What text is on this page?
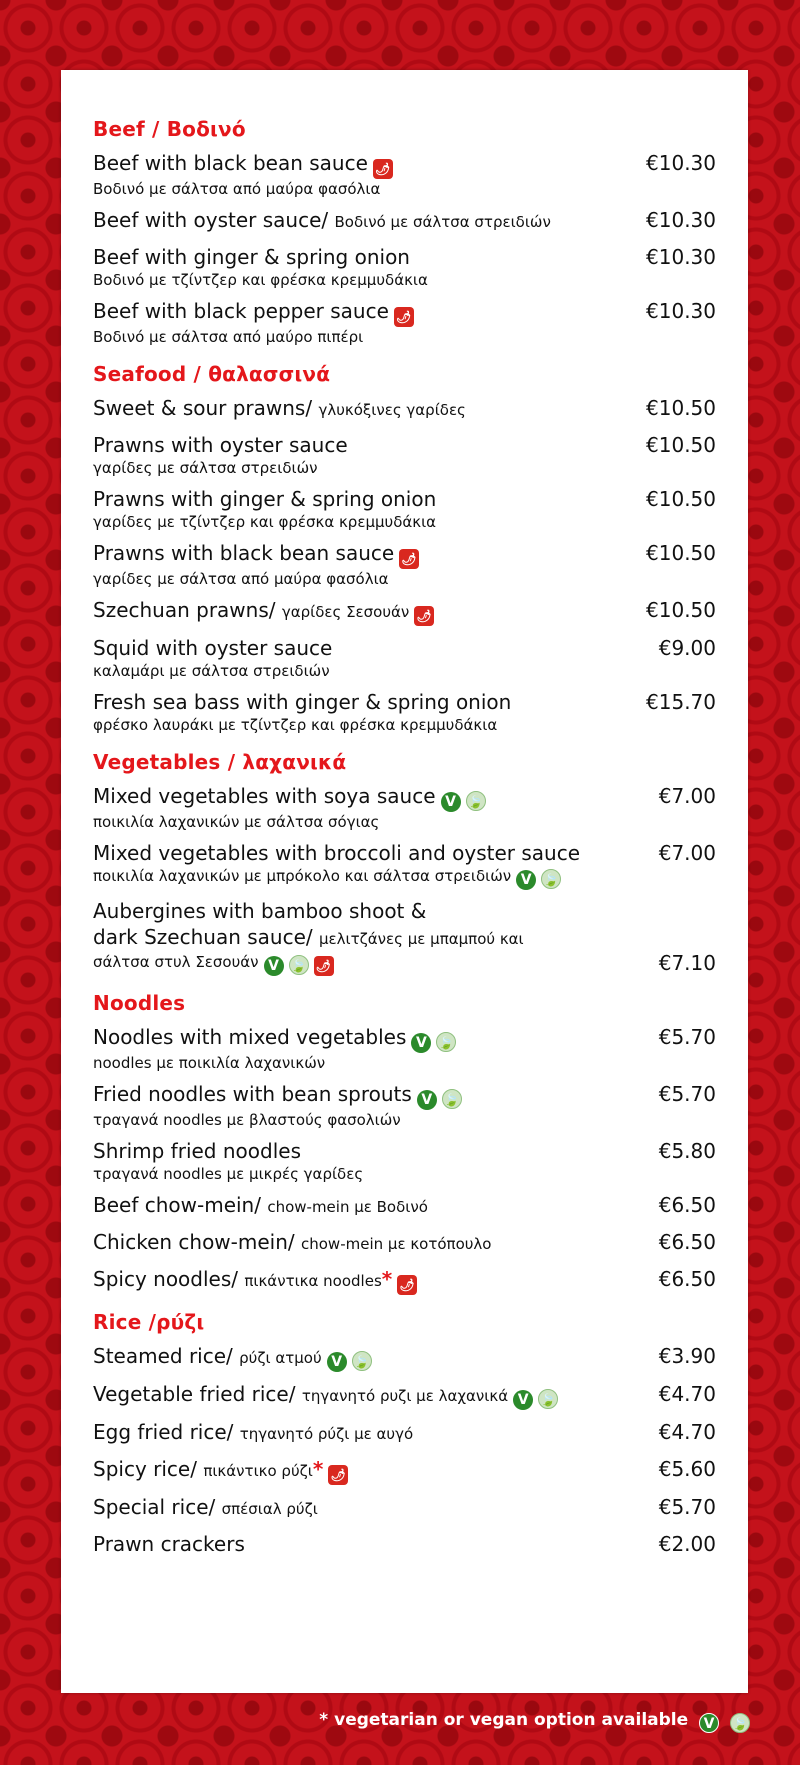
Beef / Βοδινό
Beef with black bean sauce 🌶
Βοδινό με σάλτσα από μαύρα φασόλια
€10.30
Beef with oyster sauce/ Βοδινό με σάλτσα στρειδιών	€10.30
Beef with ginger & spring onion
Βοδινό με τζίντζερ και φρέσκα κρεμμυδάκια
€10.30
Beef with black pepper sauce 🌶
Βοδινό με σάλτσα από μαύρο πιπέρι
€10.30
Seafood / θαλασσινά
Sweet & sour prawns/ γλυκόξινες γαρίδες	€10.50
Prawns with oyster sauce
γαρίδες με σάλτσα στρειδιών
€10.50
Prawns with ginger & spring onion
γαρίδες με τζίντζερ και φρέσκα κρεμμυδάκια
€10.50
Prawns with black bean sauce 🌶
γαρίδες με σάλτσα από μαύρα φασόλια
€10.50
Szechuan prawns/ γαρίδες Σεσουάν 🌶	€10.50
Squid with oyster sauce
καλαμάρι με σάλτσα στρειδιών
€9.00
Fresh sea bass with ginger & spring onion
φρέσκο λαυράκι με τζίντζερ και φρέσκα κρεμμυδάκια
€15.70
Vegetables / λαχανικά
Mixed vegetables with soya sauce V 🍃
ποικιλία λαχανικών με σάλτσα σόγιας
€7.00
Mixed vegetables with broccoli and oyster sauce
ποικιλία λαχανικών με μπρόκολο και σάλτσα στρειδιών V 🍃
€7.00
Aubergines with bamboo shoot &
dark Szechuan sauce/ μελιτζάνες με μπαμπού και
σάλτσα στυλ Σεσουάν V 🍃 🌶	€7.10
Noodles
Noodles with mixed vegetables V 🍃
noodles με ποικιλία λαχανικών
€5.70
Fried noodles with bean sprouts V 🍃
τραγανά noodles με βλαστούς φασολιών
€5.70
Shrimp fried noodles
τραγανά noodles με μικρές γαρίδες
€5.80
Beef chow-mein/ chow-mein με Βοδινό	€6.50
Chicken chow-mein/ chow-mein με κοτόπουλο	€6.50
Spicy noodles/ πικάντικα noodles* 🌶	€6.50
Rice /ρύζι
Steamed rice/ ρύζι ατμού V 🍃	€3.90
Vegetable fried rice/ τηγανητό ρυζι με λαχανικά V 🍃	€4.70
Egg fried rice/ τηγανητό ρύζι με αυγό	€4.70
Spicy rice/ πικάντικο ρύζι* 🌶	€5.60
Special rice/ σπέσιαλ ρύζι	€5.70
Prawn crackers	€2.00
* vegetarian or vegan option available V 🍃
